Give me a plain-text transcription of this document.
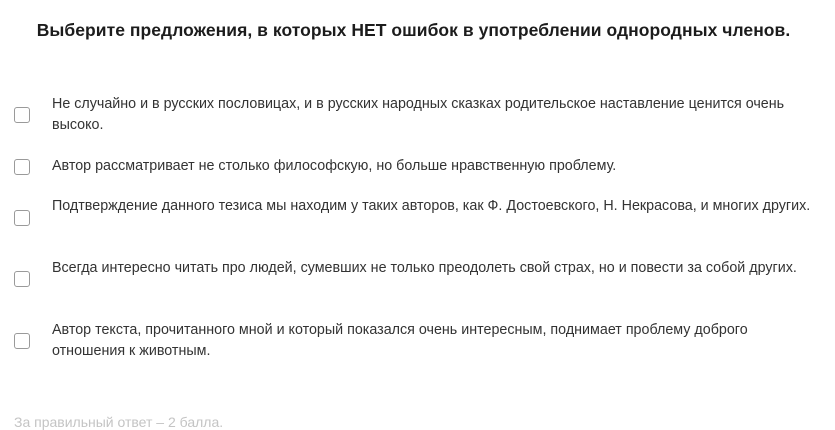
Выберите предложения, в которых НЕТ ошибок в употреблении однородных членов.
Не случайно и в русских пословицах, и в русских народных сказках родительское наставление ценится очень высоко.
Автор рассматривает не столько философскую, но больше нравственную проблему.
Подтверждение данного тезиса мы находим у таких авторов, как Ф. Достоевского, Н. Некрасова, и многих других.
Всегда интересно читать про людей, сумевших не только преодолеть свой страх, но и повести за собой других.
Автор текста, прочитанного мной и который показался очень интересным, поднимает проблему доброго отношения к животным.
За правильный ответ – 2 балла.
